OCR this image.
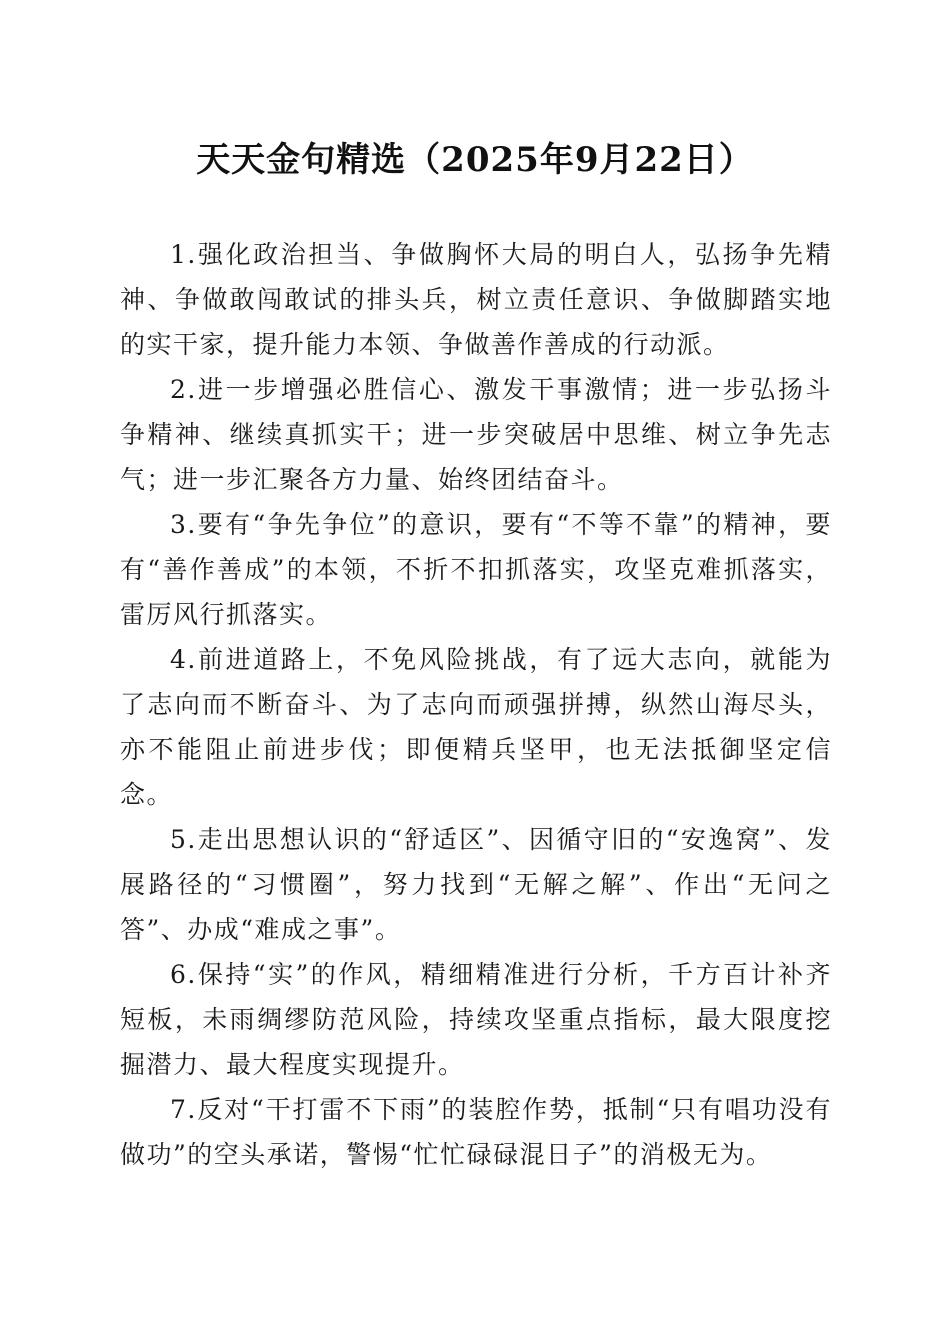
天天金句精选（2025年9月22日）

1.强化政治担当、争做胸怀大局的明白人，弘扬争先精神、争做敢闯敢试的排头兵，树立责任意识、争做脚踏实地的实干家，提升能力本领、争做善作善成的行动派。

2.进一步增强必胜信心、激发干事激情；进一步弘扬斗争精神、继续真抓实干；进一步突破居中思维、树立争先志气；进一步汇聚各方力量、始终团结奋斗。

3.要有“争先争位”的意识，要有“不等不靠”的精神，要有“善作善成”的本领，不折不扣抓落实，攻坚克难抓落实，雷厉风行抓落实。

4.前进道路上，不免风险挑战，有了远大志向，就能为了志向而不断奋斗、为了志向而顽强拼搏，纵然山海尽头，亦不能阻止前进步伐；即便精兵坚甲，也无法抵御坚定信念。

5.走出思想认识的“舒适区”、因循守旧的“安逸窝”、发展路径的“习惯圈”，努力找到“无解之解”、作出“无问之答”、办成“难成之事”。

6.保持“实”的作风，精细精准进行分析，千方百计补齐短板，未雨绸缪防范风险，持续攻坚重点指标，最大限度挖掘潜力、最大程度实现提升。

7.反对“干打雷不下雨”的装腔作势，抵制“只有唱功没有做功”的空头承诺，警惕“忙忙碌碌混日子”的消极无为。
